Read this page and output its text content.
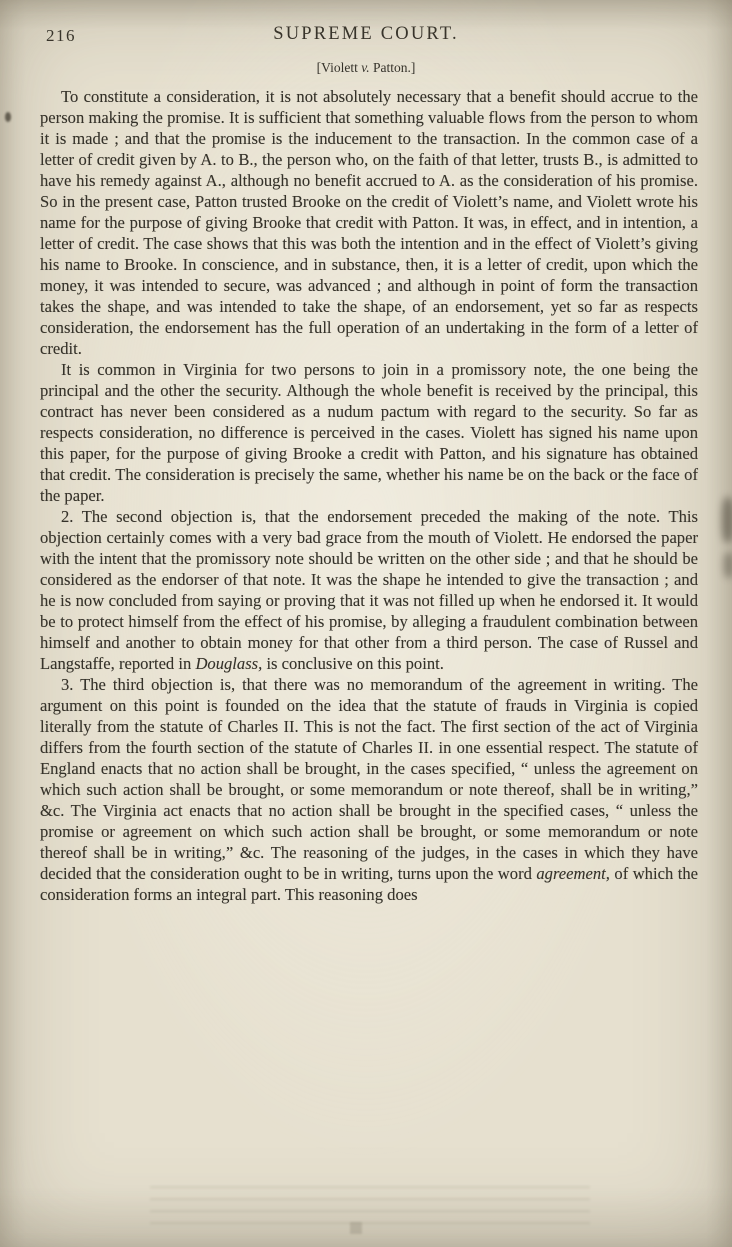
216	SUPREME COURT.
[Violett v. Patton.]

To constitute a consideration, it is not absolutely necessary that a benefit should accrue to the person making the promise. It is sufficient that something valuable flows from the person to whom it is made ; and that the promise is the inducement to the transaction. In the common case of a letter of credit given by A. to B., the person who, on the faith of that letter, trusts B., is admitted to have his remedy against A., although no benefit accrued to A. as the consideration of his promise. So in the present case, Patton trusted Brooke on the credit of Violett’s name, and Violett wrote his name for the purpose of giving Brooke that credit with Patton. It was, in effect, and in intention, a letter of credit. The case shows that this was both the intention and in the effect of Violett’s giving his name to Brooke. In conscience, and in substance, then, it is a letter of credit, upon which the money, it was intended to secure, was advanced ; and although in point of form the transaction takes the shape, and was intended to take the shape, of an endorsement, yet so far as respects consideration, the endorsement has the full operation of an undertaking in the form of a letter of credit.

It is common in Virginia for two persons to join in a promissory note, the one being the principal and the other the security. Although the whole benefit is received by the principal, this contract has never been considered as a nudum pactum with regard to the security. So far as respects consideration, no difference is perceived in the cases. Violett has signed his name upon this paper, for the purpose of giving Brooke a credit with Patton, and his signature has obtained that credit. The consideration is precisely the same, whether his name be on the back or the face of the paper.

2. The second objection is, that the endorsement preceded the making of the note. This objection certainly comes with a very bad grace from the mouth of Violett. He endorsed the paper with the intent that the promissory note should be written on the other side ; and that he should be considered as the endorser of that note. It was the shape he intended to give the transaction ; and he is now concluded from saying or proving that it was not filled up when he endorsed it. It would be to protect himself from the effect of his promise, by alleging a fraudulent combination between himself and another to obtain money for that other from a third person. The case of Russel and Langstaffe, reported in Douglass, is conclusive on this point.

3. The third objection is, that there was no memorandum of the agreement in writing. The argument on this point is founded on the idea that the statute of frauds in Virginia is copied literally from the statute of Charles II. This is not the fact. The first section of the act of Virginia differs from the fourth section of the statute of Charles II. in one essential respect. The statute of England enacts that no action shall be brought, in the cases specified, “ unless the agreement on which such action shall be brought, or some memorandum or note thereof, shall be in writing,” &c. The Virginia act enacts that no action shall be brought in the specified cases, “ unless the promise or agreement on which such action shall be brought, or some memorandum or note thereof shall be in writing,” &c. The reasoning of the judges, in the cases in which they have decided that the consideration ought to be in writing, turns upon the word agreement, of which the consideration forms an integral part. This reasoning does
